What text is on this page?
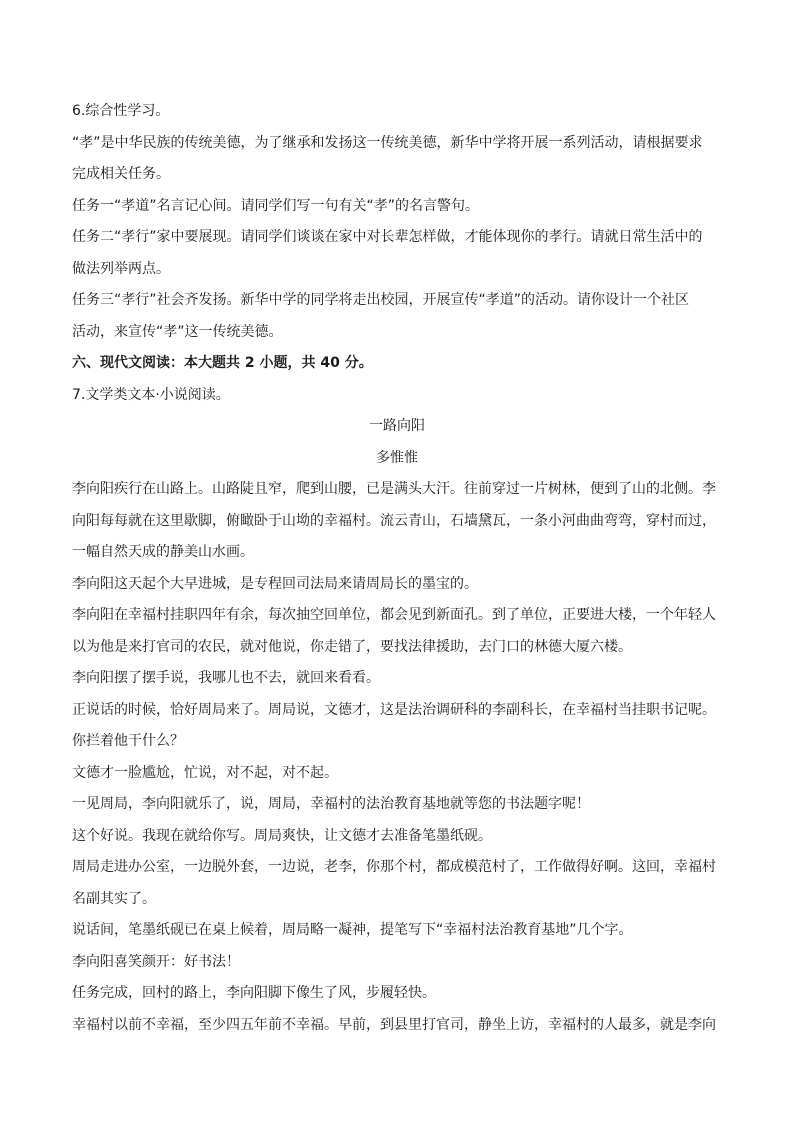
6.综合性学习。
“孝”是中华民族的传统美德，为了继承和发扬这一传统美德，新华中学将开展一系列活动，请根据要求
完成相关任务。
任务一“孝道”名言记心间。请同学们写一句有关“孝”的名言警句。
任务二“孝行”家中要展现。请同学们谈谈在家中对长辈怎样做，才能体现你的孝行。请就日常生活中的
做法列举两点。
任务三“孝行”社会齐发扬。新华中学的同学将走出校园，开展宣传“孝道”的活动。请你设计一个社区
活动，来宣传“孝”这一传统美德。
六、现代文阅读：本大题共 2 小题，共 40 分。
7.文学类文本·小说阅读。
一路向阳
多惟惟
李向阳疾行在山路上。山路陡且窄，爬到山腰，已是满头大汗。往前穿过一片树林，便到了山的北侧。李
向阳每每就在这里歇脚，俯瞰卧于山坳的幸福村。流云青山，石墙黛瓦，一条小河曲曲弯弯，穿村而过，
一幅自然天成的静美山水画。
李向阳这天起个大早进城，是专程回司法局来请周局长的墨宝的。
李向阳在幸福村挂职四年有余，每次抽空回单位，都会见到新面孔。到了单位，正要进大楼，一个年轻人
以为他是来打官司的农民，就对他说，你走错了，要找法律援助，去门口的林德大厦六楼。
李向阳摆了摆手说，我哪儿也不去，就回来看看。
正说话的时候，恰好周局来了。周局说，文德才，这是法治调研科的李副科长，在幸福村当挂职书记呢。
你拦着他干什么？
文德才一脸尴尬，忙说，对不起，对不起。
一见周局，李向阳就乐了，说，周局，幸福村的法治教育基地就等您的书法题字呢！
这个好说。我现在就给你写。周局爽快，让文德才去准备笔墨纸砚。
周局走进办公室，一边脱外套，一边说，老李，你那个村，都成模范村了，工作做得好啊。这回，幸福村
名副其实了。
说话间，笔墨纸砚已在桌上候着，周局略一凝神，提笔写下“幸福村法治教育基地”几个字。
李向阳喜笑颜开：好书法！
任务完成，回村的路上，李向阳脚下像生了风，步履轻快。
幸福村以前不幸福，至少四五年前不幸福。早前，到县里打官司，静坐上访，幸福村的人最多，就是李向
